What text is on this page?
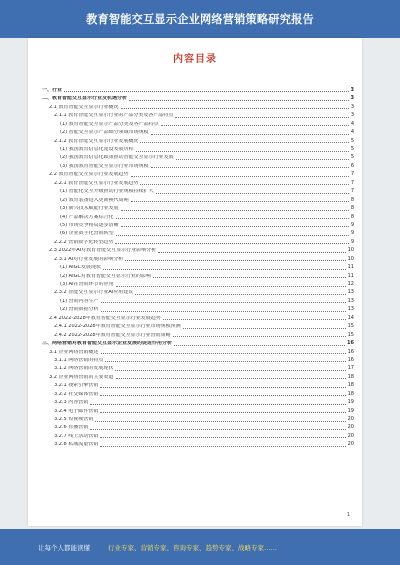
教育智能交互显示企业网络营销策略研究报告
内容目录
一、行业	3
二、教育智能交互显示行业及机遇分析	3
2.1 教育智能交互显示行业概况	3
2.1.1 教育智能交互显示行业的产品分类及各产品特点	3
(1) 教育智能交互显示产品分类及各产品特点	4
(2) 智能交互显示产品细分领域市场规模	4
2.1.2 教育智能交互显示行业发展概况	5
(1) 我国教育信息化建设发展历程	5
(2) 我国教育信息化政策推动智能交互显示行业发展	5
(3) 我国教育智能交互显示行业市场规模	6
2.2 教育智能交互显示行业发展趋势	7
2.2.1 教育智能交互显示行业发展趋势	7
(1) 智能化交互升级推动行业规模持续扩大	7
(2) 教育装备进入更新换代周期	8
(3) 新兴技术赋能行业发展	8
(4) 产品解决方案综合化	8
(5) 市场竞争格局逐步清晰	9
(6) 企业数字化营销转型	9
2.2.2 营销数字化转型趋势	9
2.3 2022年AI对教育智能交互显示行业影响分析	10
2.3.1 AI对行业发展的影响分析	10
(1) AIGC发展现状	11
(2) AIGC对教育智能交互显示行业的影响	11
(3) AI在营销环节的应用	12
2.3.2 智能交互显示行业AI应用建议	13
(1) 营销内容生产	13
(2) 营销数据分析	13
2.4 2022-2028年教育智能交互显示行业发展趋势	14
2.4.1 2022-2028年教育智能交互显示行业市场规模预测	15
2.4.2 2022-2028年教育智能交互显示行业营销策略	15
三、网络营销对教育智能交互显示企业发展的促进作用分析	16
3.1 企业网络营销概述	16
3.1.1 网络营销的特点	16
3.1.2 网络营销的发展现状	17
3.2 企业网络营销的主要渠道	18
3.2.1 搜索引擎营销	18
3.2.2 社交媒体营销	18
3.2.3 内容营销	19
3.2.4 电子邮件营销	19
3.2.5 短视频营销	20
3.2.6 直播营销	20
3.2.7 线上活动营销	20
3.2.8 私域流量营销	20
1
让每个人都能读懂	行业专家、营销专家、咨询专家、趋势专家、战略专家……
